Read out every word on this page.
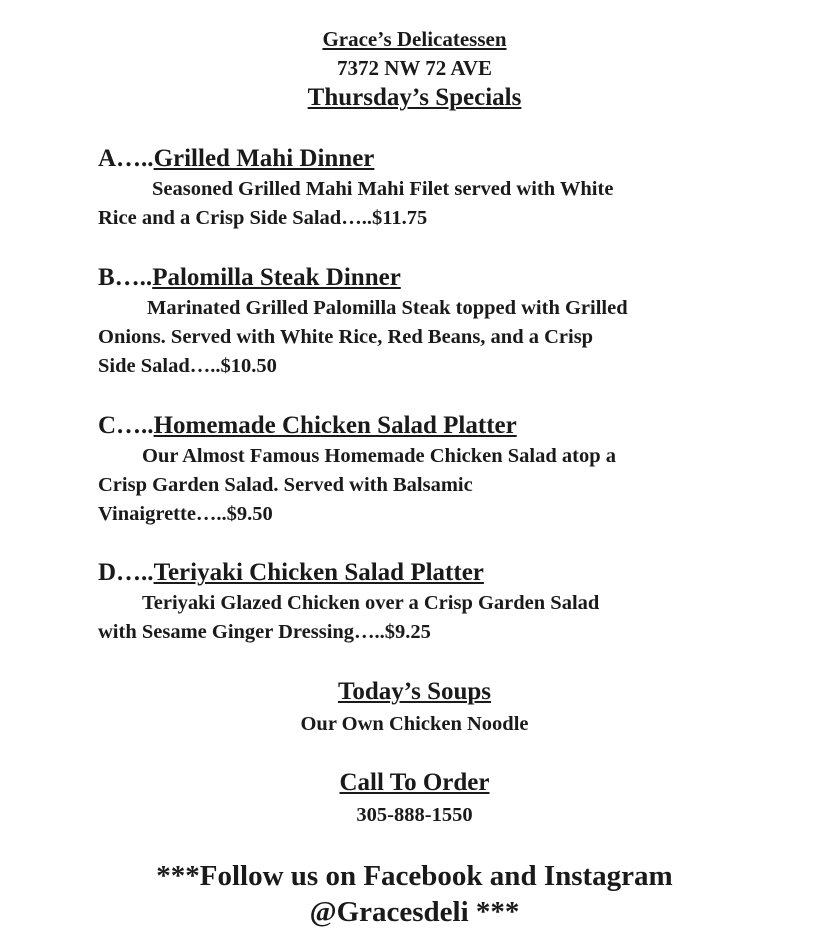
Grace’s Delicatessen
7372 NW 72 AVE
Thursday’s Specials
A…..Grilled Mahi Dinner
Seasoned Grilled Mahi Mahi Filet served with White
Rice and a Crisp Side Salad…..$11.75
B…..Palomilla Steak Dinner
Marinated Grilled Palomilla Steak topped with Grilled
Onions. Served with White Rice, Red Beans, and a Crisp
Side Salad…..$10.50
C…..Homemade Chicken Salad Platter
Our Almost Famous Homemade Chicken Salad atop a
Crisp Garden Salad. Served with Balsamic
Vinaigrette…..$9.50
D…..Teriyaki Chicken Salad Platter
Teriyaki Glazed Chicken over a Crisp Garden Salad
with Sesame Ginger Dressing…..$9.25
Today’s Soups
Our Own Chicken Noodle
Call To Order
305-888-1550
***Follow us on Facebook and Instagram
@Gracesdeli ***
